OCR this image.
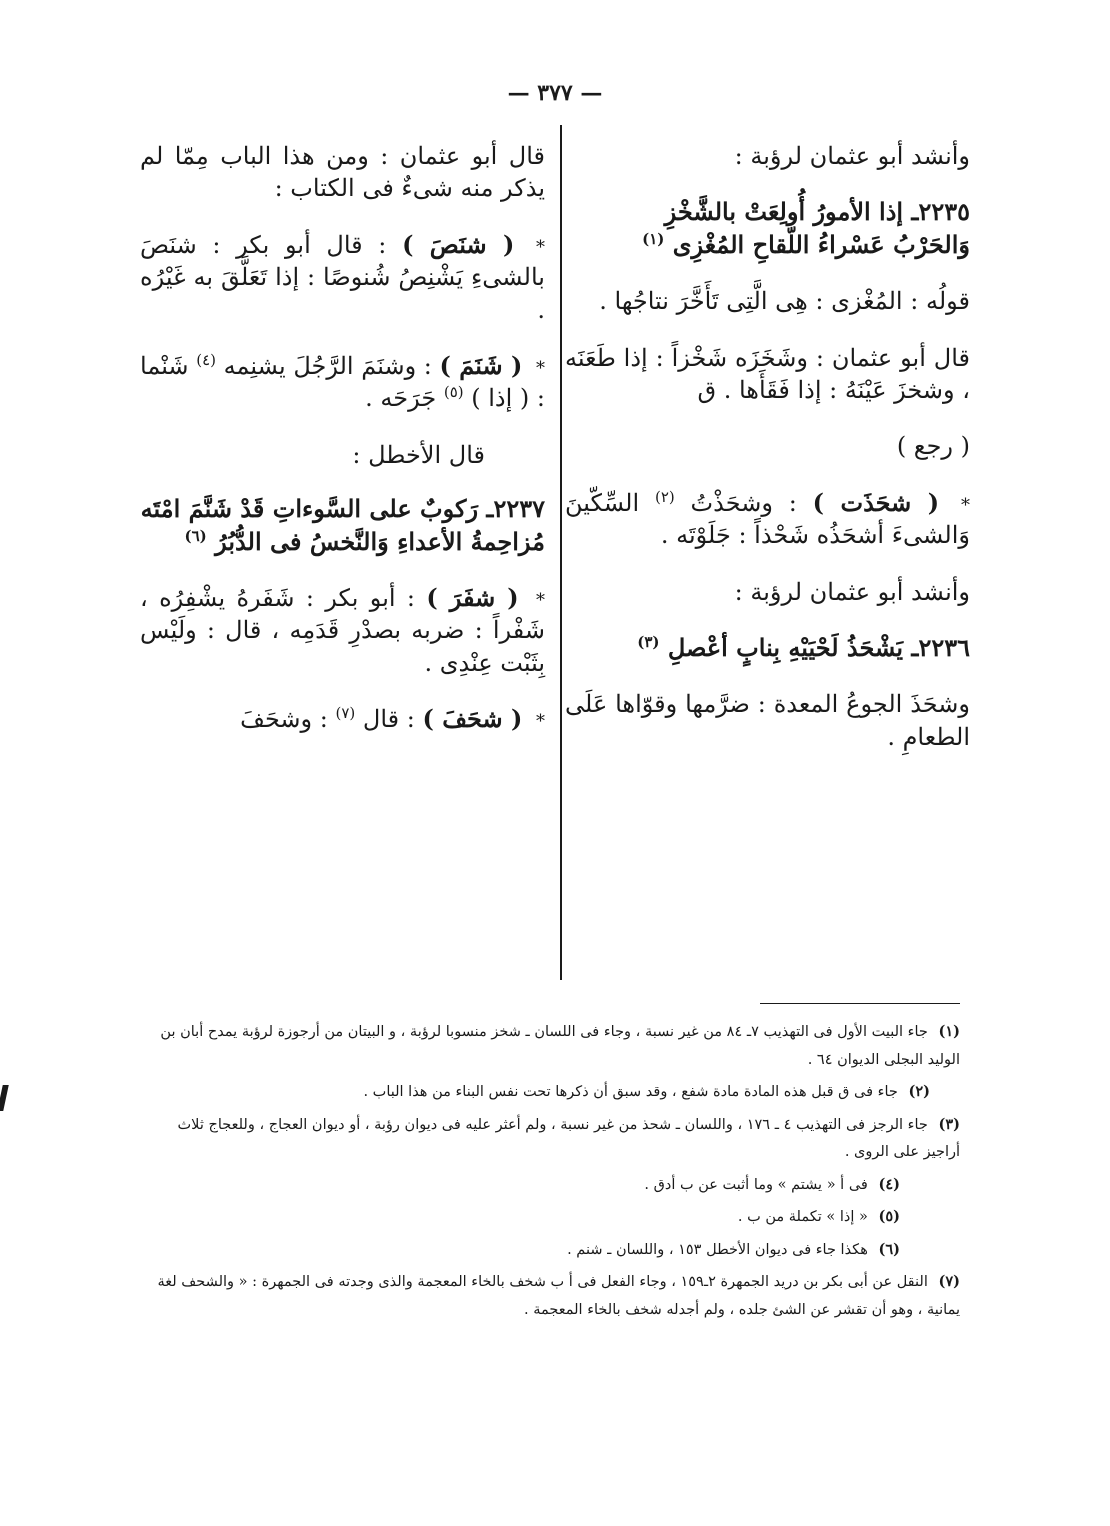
— ٣٧٧ —

وأنشد أبو عثمان لرؤبة :

٢٢٣٥ـ إذا الأمورُ أُولِعَتْ بالشَّخْزِ
وَالحَرْبُ عَسْراءُ اللّقاحِ المُغْزِى $^{(١)}$

قولُه : المُغْزى : هِى الَّتِى تَأَخَّرَ نتاجُها .

قال أبو عثمان : وشَخَزَه شَخْزاً : إذا طَعَنَه ، وشخزَ عَيْنَهُ : إذا فَقَأَها . ق

( رجع )

* ( شحَذَت ) : وشحَذْتُ $^{(٢)}$ السِّكّينَ وَالشىءَ أشحَذُه شَحْذاً : جَلَوْتَه .

وأنشد أبو عثمان لرؤبة :

٢٢٣٦ـ يَشْحَذُ لَحْيَيْهِ بِنابٍ أعْصلِ $^{(٣)}$

وشحَذَ الجوعُ المعدة : ضرَّمها وقوّاها عَلَى الطعامِ .

قال أبو عثمان : ومن هذا الباب مِمّا لم يذكر منه شىءٌ فى الكتاب :

* ( شنَصَ ) : قال أبو بكر : شنَصَ بالشىءِ يَشْنِصُ شُنوصًا : إذا تَعَلَّقَ به غَيْرُه .

* ( شَنَمَ ) : وشنَمَ الرَّجُلَ يشنِمه $^{(٤)}$ شَنْما : ( إذا ) $^{(٥)}$ جَرَحَه .

قال الأخطل :

٢٢٣٧ـ رَكوبٌ على السَّوءاتِ قَدْ شَنَّمَ امْتَه
مُزاحِمةُ الأعداءِ وَالنَّخسُ فى الدُّبُرُ $^{(٦)}$

* ( شفَرَ ) : أبو بكر : شَفَرهُ يشْفِرُه ، شَفْراً : ضربه بصدْرِ قَدَمِه ، قال : ولَيْس بِثَبْت عِنْدِى .

* ( شحَفَ ) : قال $^{(٧)}$ : وشحَفَ

(١) جاء البيت الأول فى التهذيب ٧ـ ٨٤ من غير نسبة ، وجاء فى اللسان ـ شخز منسوبا لرؤبة ، و البيتان من أرجوزة لرؤبة يمدح أبان بن الوليد البجلى الديوان ٦٤ .

(٢) جاء فى ق قبل هذه المادة مادة شفع ، وقد سبق أن ذكرها تحت نفس البناء من هذا الباب .

(٣) جاء الرجز فى التهذيب ٤ ـ ١٧٦ ، واللسان ـ شحذ من غير نسبة ، ولم أعثر عليه فى ديوان رؤبة ، أو ديوان العجاج ، وللعجاج ثلاث أراجيز على الروى .

(٤) فى أ « يشتم » وما أثبت عن ب أدق .

(٥) « إذا » تكملة من ب .

(٦) هكذا جاء فى ديوان الأخطل ١٥٣ ، واللسان ـ شنم .

(٧) النقل عن أبى بكر بن دريد الجمهرة ٢ـ١٥٩ ، وجاء الفعل فى أ ب شخف بالخاء المعجمة والذى وجدته فى الجمهرة : « والشحف لغة يمانية ، وهو أن تقشر عن الشئ جلده ، ولم أجدله شخف بالخاء المعجمة .
